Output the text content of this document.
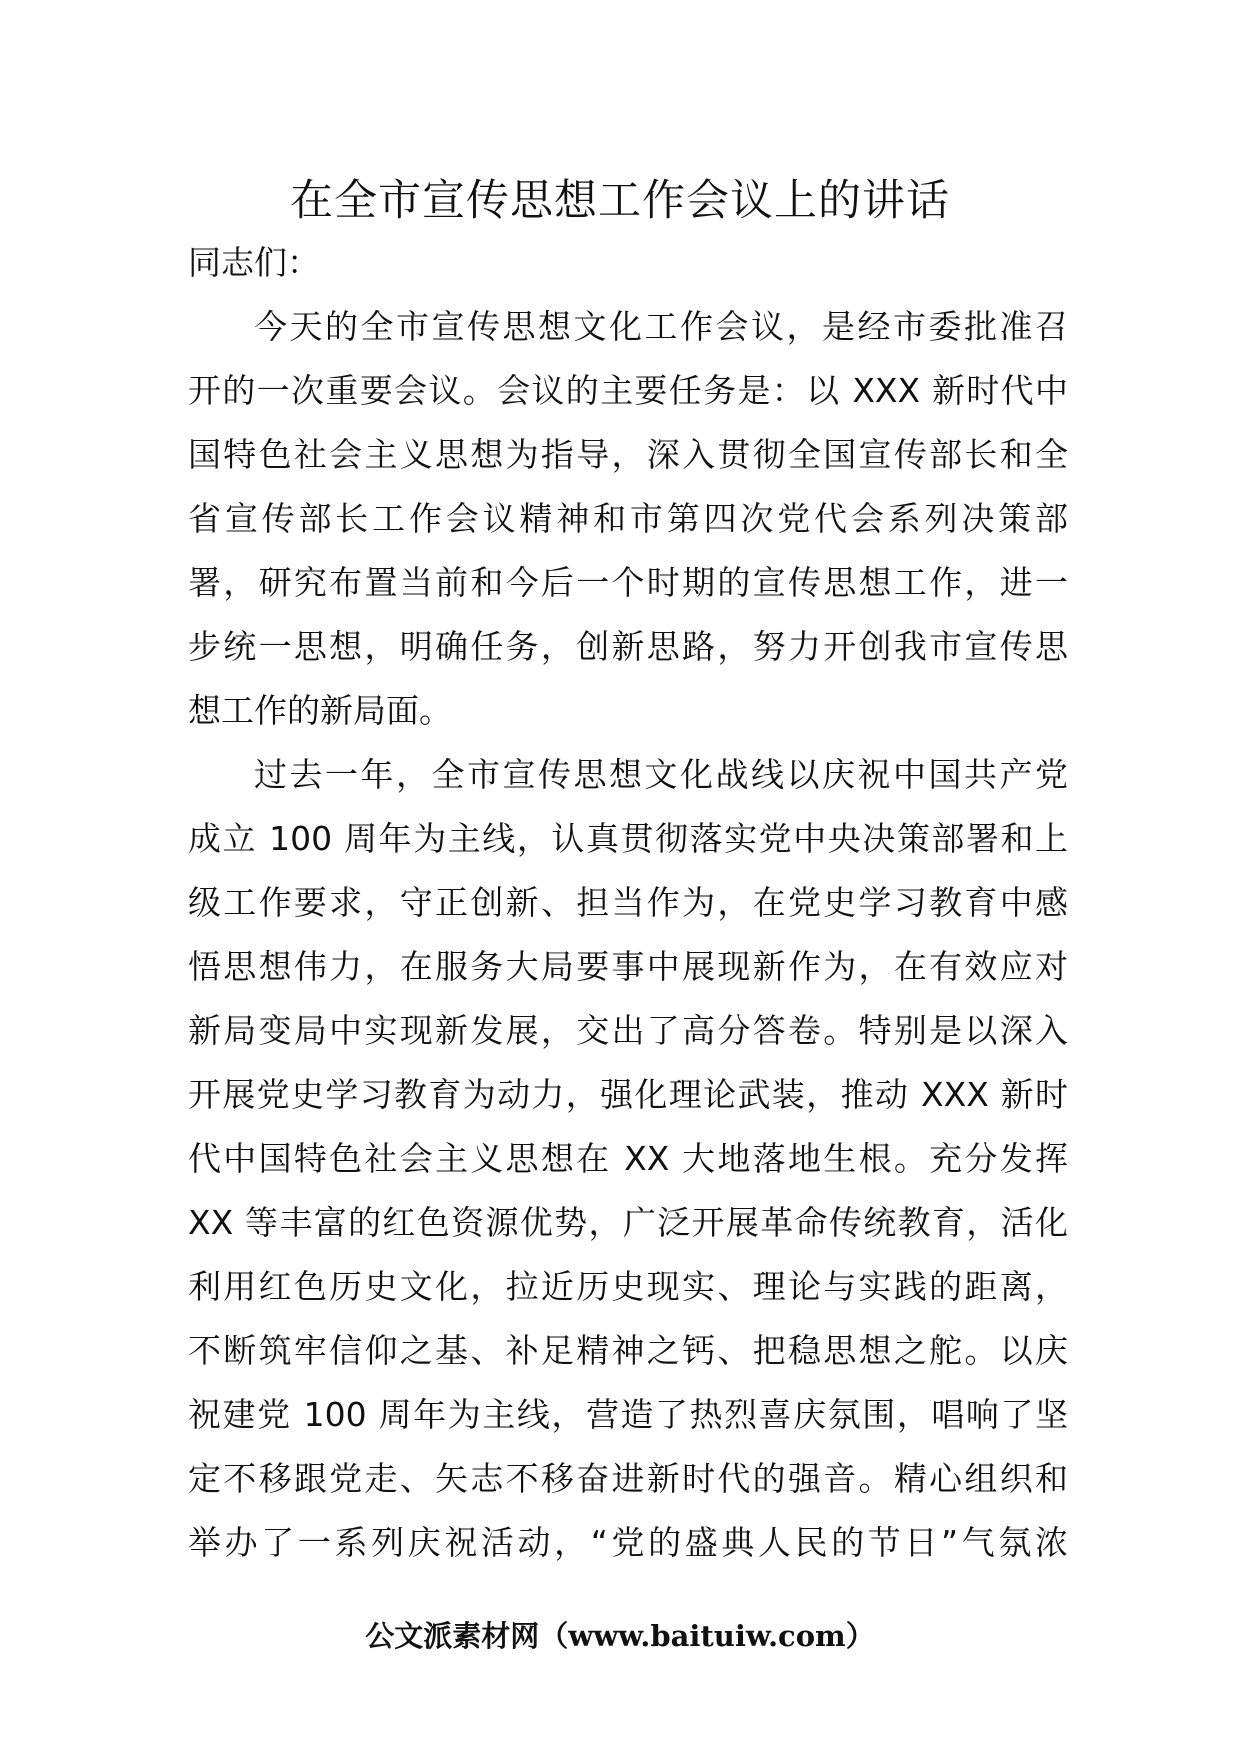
在全市宣传思想工作会议上的讲话
同志们：
今天的全市宣传思想文化工作会议，是经市委批准召
开的一次重要会议。会议的主要任务是：以 XXX 新时代中
国特色社会主义思想为指导，深入贯彻全国宣传部长和全
省宣传部长工作会议精神和市第四次党代会系列决策部
署，研究布置当前和今后一个时期的宣传思想工作，进一
步统一思想，明确任务，创新思路，努力开创我市宣传思
想工作的新局面。
过去一年，全市宣传思想文化战线以庆祝中国共产党
成立 100 周年为主线，认真贯彻落实党中央决策部署和上
级工作要求，守正创新、担当作为，在党史学习教育中感
悟思想伟力，在服务大局要事中展现新作为，在有效应对
新局变局中实现新发展，交出了高分答卷。特别是以深入
开展党史学习教育为动力，强化理论武装，推动 XXX 新时
代中国特色社会主义思想在 XX 大地落地生根。充分发挥
XX 等丰富的红色资源优势，广泛开展革命传统教育，活化
利用红色历史文化，拉近历史现实、理论与实践的距离，
不断筑牢信仰之基、补足精神之钙、把稳思想之舵。以庆
祝建党 100 周年为主线，营造了热烈喜庆氛围，唱响了坚
定不移跟党走、矢志不移奋进新时代的强音。精心组织和
举办了一系列庆祝活动，“党的盛典人民的节日”气氛浓
公文派素材网（www.baituiw.com）
